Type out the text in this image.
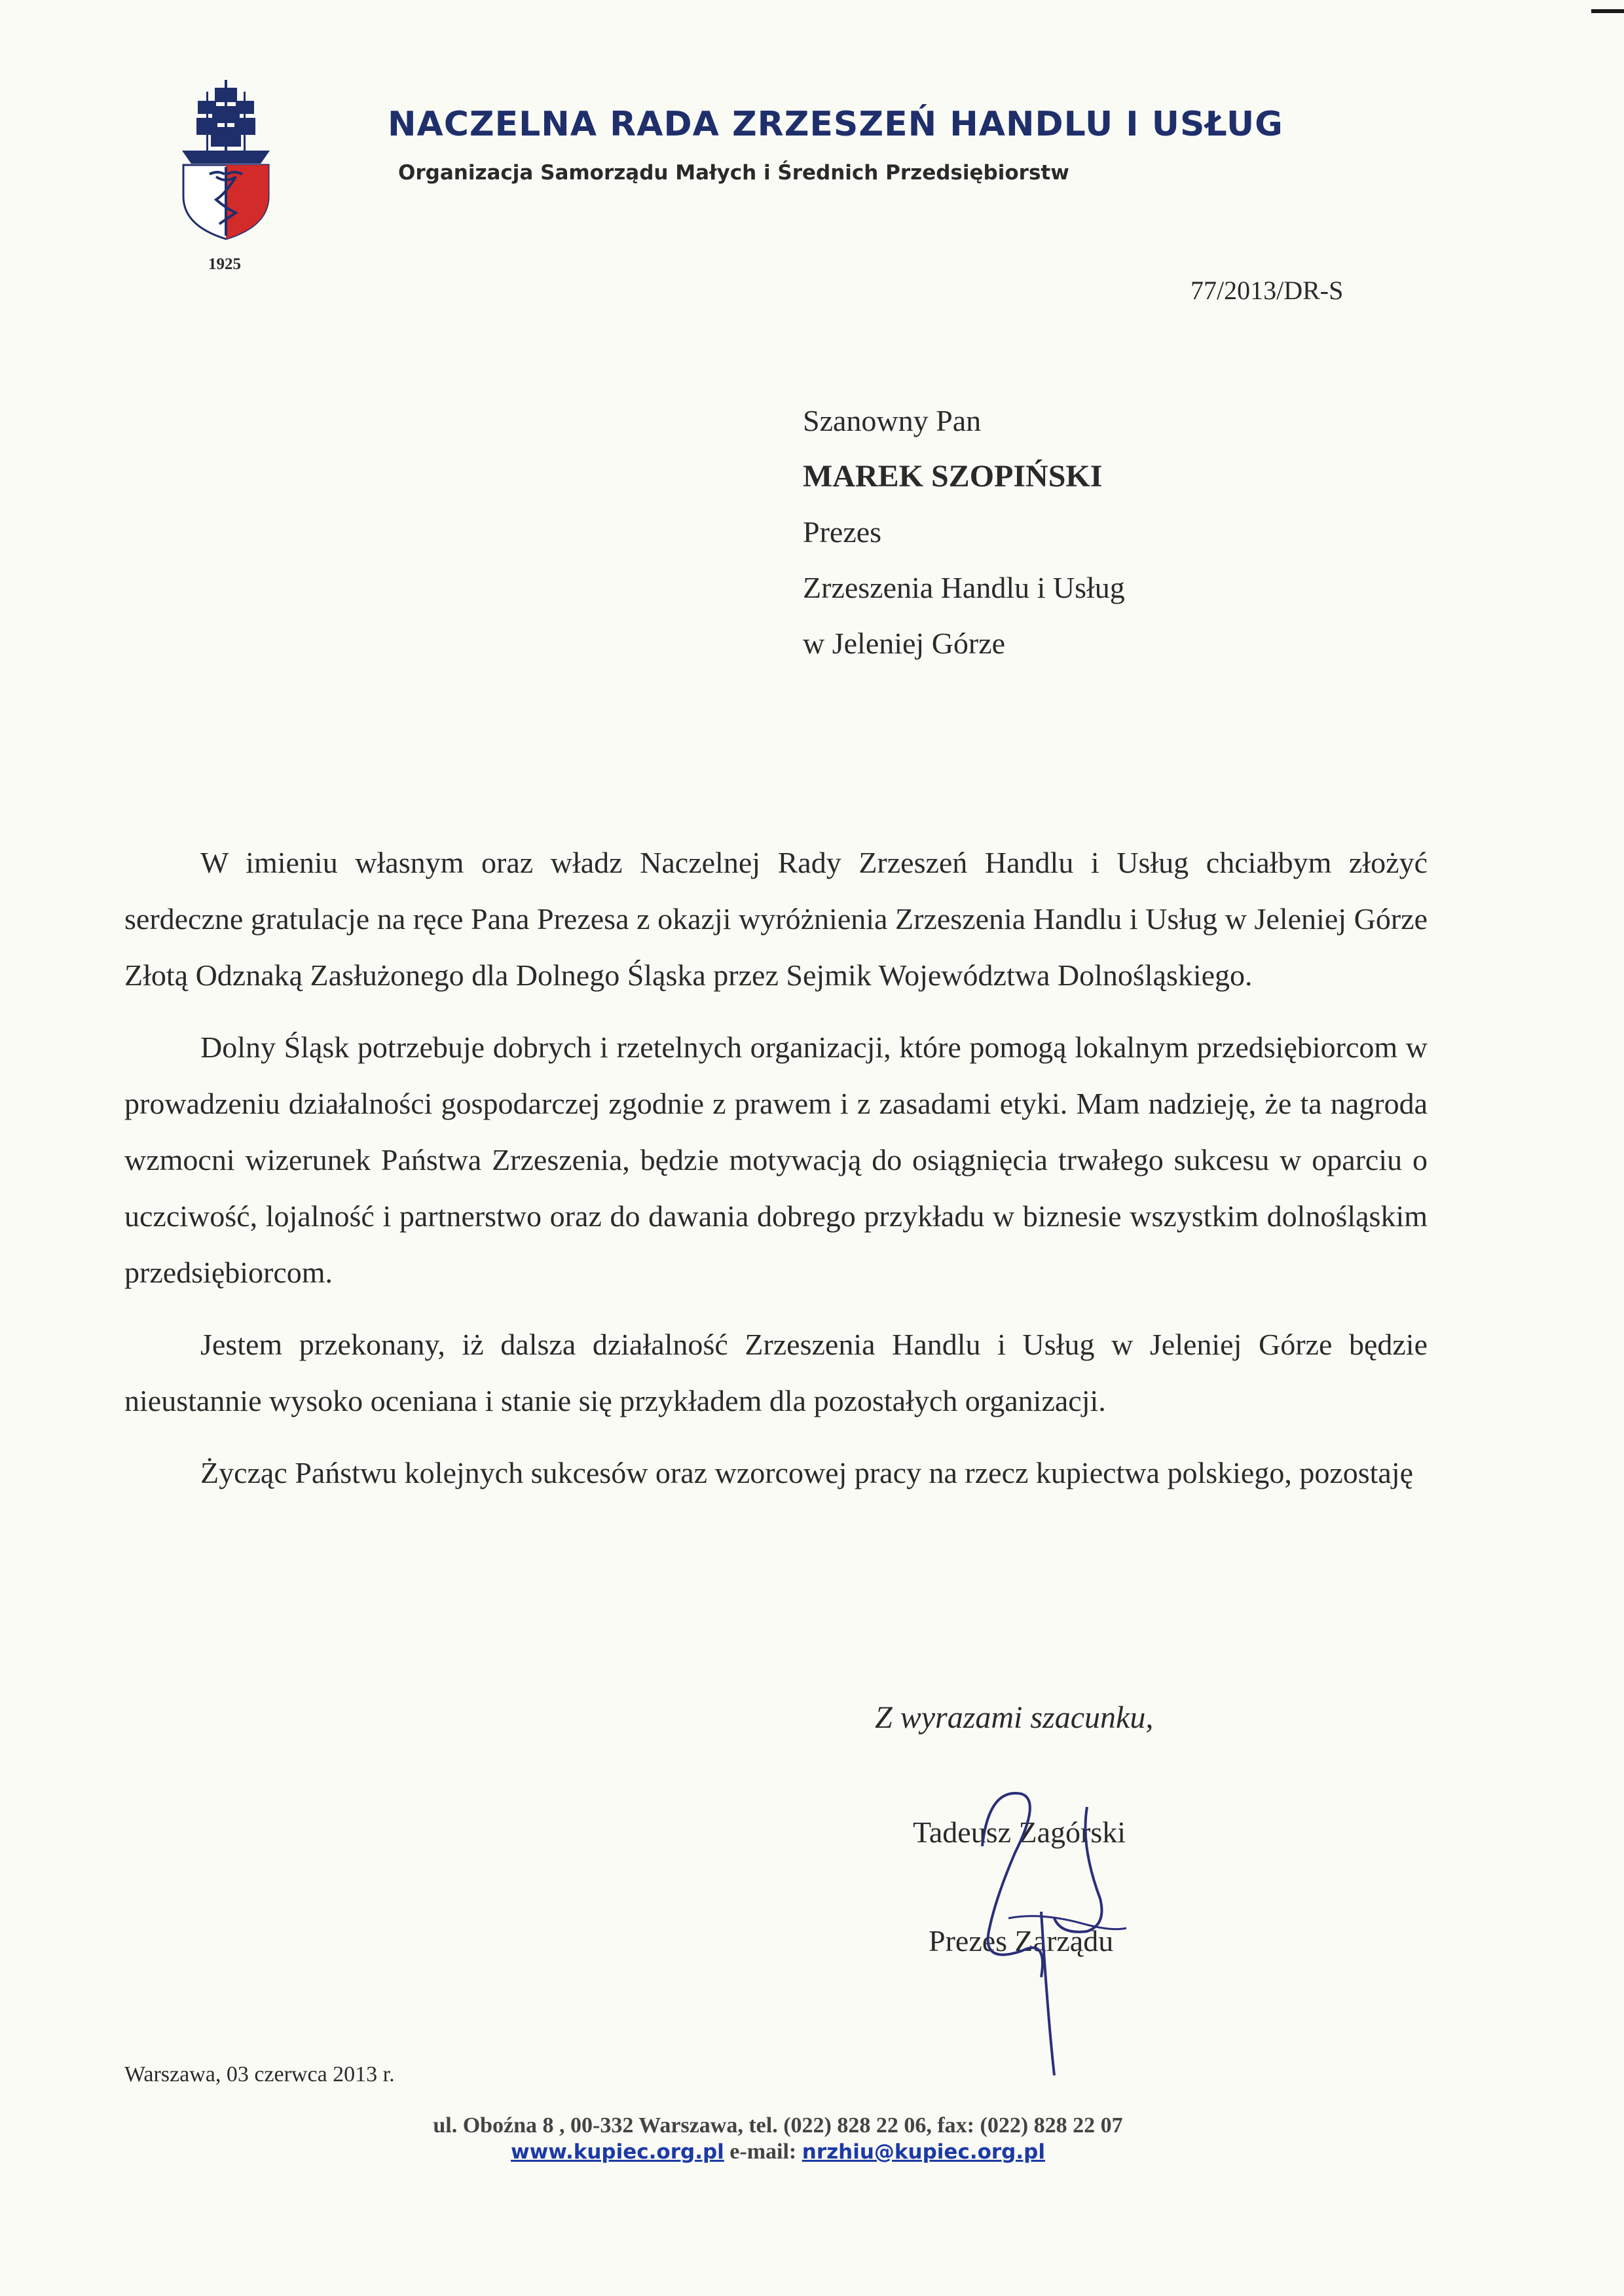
1925
NACZELNA RADA ZRZESZEŃ HANDLU I USŁUG
Organizacja Samorządu Małych i Średnich Przedsiębiorstw
77/2013/DR-S
Szanowny Pan
MAREK SZOPIŃSKI
Prezes
Zrzeszenia Handlu i Usług
w Jeleniej Górze

W imieniu własnym oraz władz Naczelnej Rady Zrzeszeń Handlu i Usług chciałbym złożyć serdeczne gratulacje na ręce Pana Prezesa z okazji wyróżnienia Zrzeszenia Handlu i Usług w Jeleniej Górze Złotą Odznaką Zasłużonego dla Dolnego Śląska przez Sejmik Województwa Dolnośląskiego.

Dolny Śląsk potrzebuje dobrych i rzetelnych organizacji, które pomogą lokalnym przedsiębiorcom w prowadzeniu działalności gospodarczej zgodnie z prawem i z zasadami etyki. Mam nadzieję, że ta nagroda wzmocni wizerunek Państwa Zrzeszenia, będzie motywacją do osiągnięcia trwałego sukcesu w oparciu o uczciwość, lojalność i partnerstwo oraz do dawania dobrego przykładu w biznesie wszystkim dolnośląskim przedsiębiorcom.

Jestem przekonany, iż dalsza działalność Zrzeszenia Handlu i Usług w Jeleniej Górze będzie nieustannie wysoko oceniana i stanie się przykładem dla pozostałych organizacji.

Życząc Państwu kolejnych sukcesów oraz wzorcowej pracy na rzecz kupiectwa polskiego, pozostaję

Z wyrazami szacunku,
Tadeusz Zagórski
Prezes Zarządu
Warszawa, 03 czerwca 2013 r.
ul. Oboźna 8 , 00-332 Warszawa, tel. (022) 828 22 06, fax: (022) 828 22 07
www.kupiec.org.pl e-mail: nrzhiu@kupiec.org.pl
